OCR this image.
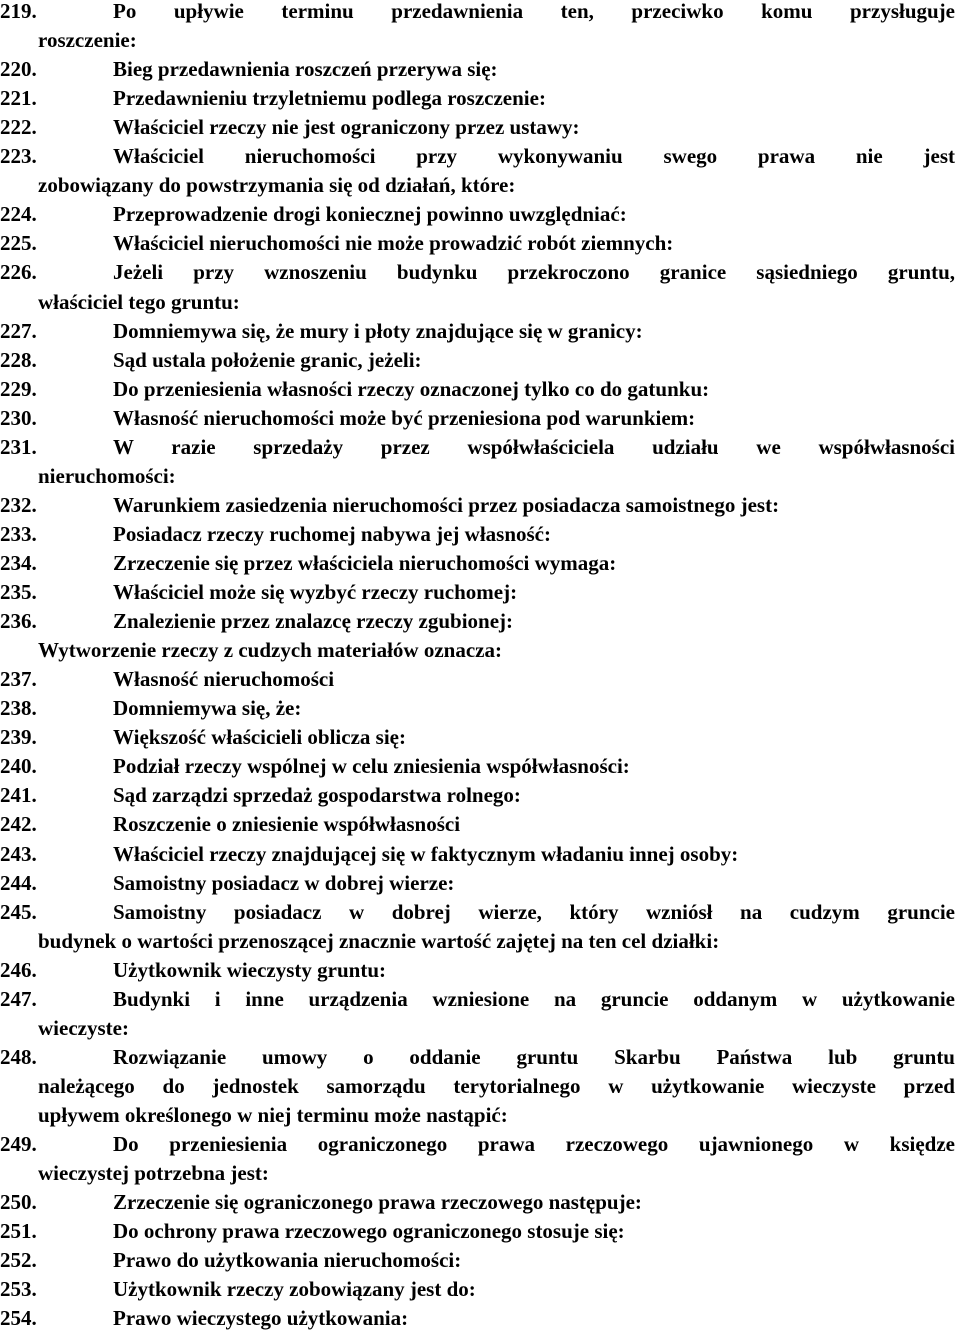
219.	Po upływie terminu przedawnienia ten, przeciwko komu przysługuje
roszczenie:
220.	Bieg przedawnienia roszczeń przerywa się:
221.	Przedawnieniu trzyletniemu podlega roszczenie:
222.	Właściciel rzeczy nie jest ograniczony przez ustawy:
223.	Właściciel nieruchomości przy wykonywaniu swego prawa nie jest
zobowiązany do powstrzymania się od działań, które:
224.	Przeprowadzenie drogi koniecznej powinno uwzględniać:
225.	Właściciel nieruchomości nie może prowadzić robót ziemnych:
226.	Jeżeli przy wznoszeniu budynku przekroczono granice sąsiedniego gruntu,
właściciel tego gruntu:
227.	Domniemywa się, że mury i płoty znajdujące się w granicy:
228.	Sąd ustala położenie granic, jeżeli:
229.	Do przeniesienia własności rzeczy oznaczonej tylko co do gatunku:
230.	Własność nieruchomości może być przeniesiona pod warunkiem:
231.	W razie sprzedaży przez współwłaściciela udziału we współwłasności
nieruchomości:
232.	Warunkiem zasiedzenia nieruchomości przez posiadacza samoistnego jest:
233.	Posiadacz rzeczy ruchomej nabywa jej własność:
234.	Zrzeczenie się przez właściciela nieruchomości wymaga:
235.	Właściciel może się wyzbyć rzeczy ruchomej:
236.	Znalezienie przez znalazcę rzeczy zgubionej:
Wytworzenie rzeczy z cudzych materiałów oznacza:
237.	Własność nieruchomości
238.	Domniemywa się, że:
239.	Większość właścicieli oblicza się:
240.	Podział rzeczy wspólnej w celu zniesienia współwłasności:
241.	Sąd zarządzi sprzedaż gospodarstwa rolnego:
242.	Roszczenie o zniesienie współwłasności
243.	Właściciel rzeczy znajdującej się w faktycznym władaniu innej osoby:
244.	Samoistny posiadacz w dobrej wierze:
245.	Samoistny posiadacz w dobrej wierze, który wzniósł na cudzym gruncie
budynek o wartości przenoszącej znacznie wartość zajętej na ten cel działki:
246.	Użytkownik wieczysty gruntu:
247.	Budynki i inne urządzenia wzniesione na gruncie oddanym w użytkowanie
wieczyste:
248.	Rozwiązanie umowy o oddanie gruntu Skarbu Państwa lub gruntu
należącego do jednostek samorządu terytorialnego w użytkowanie wieczyste przed
upływem określonego w niej terminu może nastąpić:
249.	Do przeniesienia ograniczonego prawa rzeczowego ujawnionego w księdze
wieczystej potrzebna jest:
250.	Zrzeczenie się ograniczonego prawa rzeczowego następuje:
251.	Do ochrony prawa rzeczowego ograniczonego stosuje się:
252.	Prawo do użytkowania nieruchomości:
253.	Użytkownik rzeczy zobowiązany jest do:
254.	Prawo wieczystego użytkowania:
